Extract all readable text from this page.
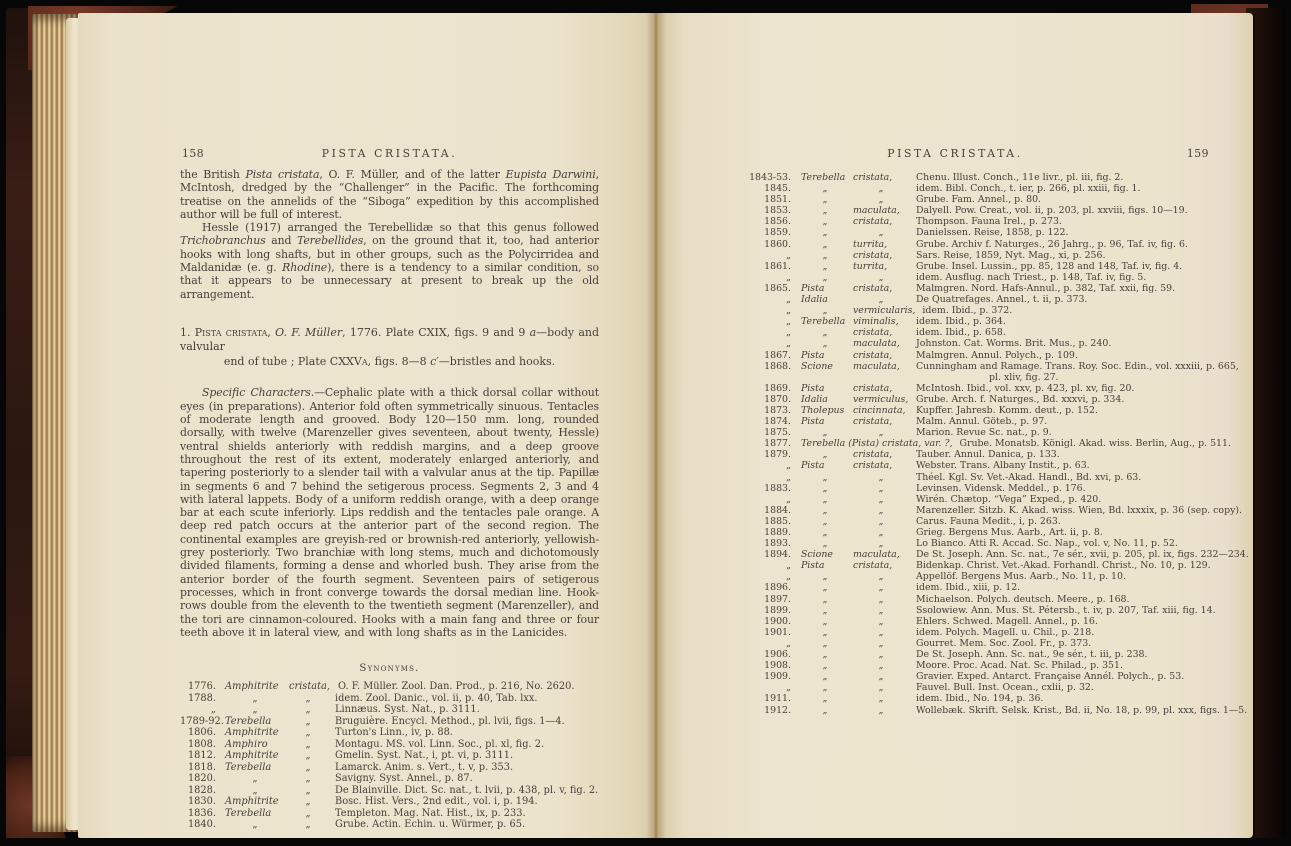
158	PISTA CRISTATA.

the British Pista cristata, O. F. Müller, and of the latter Eupista Darwini, McIntosh, dredged by the “Challenger” in the Pacific. The forthcoming treatise on the annelids of the “Siboga” expedition by this accomplished author will be full of interest.

Hessle (1917) arranged the Terebellidæ so that this genus followed Trichobranchus and Terebellides, on the ground that it, too, had anterior hooks with long shafts, but in other groups, such as the Polycirridea and Maldanidæ (e. g. Rhodine), there is a tendency to a similar condition, so that it appears to be unnecessary at present to break up the old arrangement.

1. Pista cristata, O. F. Müller, 1776. Plate CXIX, figs. 9 and 9 a—body and valvular
end of tube ; Plate CXXVa, figs. 8—8 c′—bristles and hooks.

Specific Characters.—Cephalic plate with a thick dorsal collar without eyes (in preparations). Anterior fold often symmetrically sinuous. Tentacles of moderate length and grooved. Body 120—150 mm. long, rounded dorsally, with twelve (Marenzeller gives seventeen, about twenty, Hessle) ventral shields anteriorly with reddish margins, and a deep groove throughout the rest of its extent, moderately enlarged anteriorly, and tapering posteriorly to a slender tail with a valvular anus at the tip. Papillæ in segments 6 and 7 behind the setigerous process. Segments 2, 3 and 4 with lateral lappets. Body of a uniform reddish orange, with a deep orange bar at each scute inferiorly. Lips reddish and the tentacles pale orange. A deep red patch occurs at the anterior part of the second region. The continental examples are greyish-red or brownish-red anteriorly, yellowish-grey posteriorly. Two branchiæ with long stems, much and dichotomously divided filaments, forming a dense and whorled bush. They arise from the anterior border of the fourth segment. Seventeen pairs of setigerous processes, which in front converge towards the dorsal median line. Hook-rows double from the eleventh to the twentieth segment (Marenzeller), and the tori are cinnamon-coloured. Hooks with a main fang and three or four teeth above it in lateral view, and with long shafts as in the Lanicides.

Synonyms.
1776. Amphitrite	cristata, O. F. Müller. Zool. Dan. Prod., p. 216, No. 2620.
1788.	„	„	idem. Zool. Danic., vol. ii, p. 40, Tab. lxx.
„	„	„	Linnæus. Syst. Nat., p. 3111.
1789-92. Terebella	„	Bruguière. Encycl. Method., pl. lvii, figs. 1—4.
1806. Amphitrite	„	Turton's Linn., iv, p. 88.
1808. Amphiro	„	Montagu. MS. vol. Linn. Soc., pl. xl, fig. 2.
1812. Amphitrite	„	Gmelin. Syst. Nat., i, pt. vi, p. 3111.
1818. Terebella	„	Lamarck. Anim. s. Vert., t. v, p. 353.
1820.	„	„	Savigny. Syst. Annel., p. 87.
1828.	„	„	De Blainville. Dict. Sc. nat., t. lvii, p. 438, pl. v, fig. 2.
1830. Amphitrite	„	Bosc. Hist. Vers., 2nd edit., vol. i, p. 194.
1836. Terebella	„	Templeton. Mag. Nat. Hist., ix, p. 233.
1840.	„	„	Grube. Actin. Echin. u. Würmer, p. 65.
PISTA CRISTATA.	159
1843-53.	Terebella cristata,	Chenu. Illust. Conch., 11e livr., pl. iii, fig. 2.
1845.	„	„	idem. Bibl. Conch., t. ier, p. 266, pl. xxiii, fig. 1.
1851.	„	„	Grube. Fam. Annel., p. 80.
1853.	„	maculata,	Dalyell. Pow. Creat., vol. ii, p. 203, pl. xxviii, figs. 10—19.
1856.	„	cristata,	Thompson. Fauna Irel., p. 273.
1859.	„	„	Danielssen. Reise, 1858, p. 122.
1860.	„	turrita,	Grube. Archiv f. Naturges., 26 Jahrg., p. 96, Taf. iv, fig. 6.
„	„	cristata,	Sars. Reise, 1859, Nyt. Mag., xi, p. 256.
1861.	„	turrita,	Grube. Insel. Lussin., pp. 85, 128 and 148, Taf. iv, fig. 4.
„	„	„	idem. Ausflug. nach Triest., p. 148, Taf. iv, fig. 5.
1865.	Pista	cristata,	Malmgren. Nord. Hafs-Annul., p. 382, Taf. xxii, fig. 59.
„	Idalia	„	De Quatrefages. Annel., t. ii, p. 373.
„	„	vermicularis, idem. Ibid., p. 372.
„	Terebella viminalis,	idem. Ibid., p. 364.
„	„	cristata,	idem. Ibid., p. 658.
„	„	maculata,	Johnston. Cat. Worms. Brit. Mus., p. 240.
1867.	Pista	cristata,	Malmgren. Annul. Polych., p. 109.
1868.	Scione	maculata,	Cunningham and Ramage. Trans. Roy. Soc. Edin., vol. xxxiii, p. 665,
pl. xliv, fig. 27.
1869.	Pista	cristata,	McIntosh. Ibid., vol. xxv, p. 423, pl. xv, fig. 20.
1870.	Idalia	vermiculus, Grube. Arch. f. Naturges., Bd. xxxvi, p. 334.
1873.	Tholepus cincinnata,	Kupffer. Jahresb. Komm. deut., p. 152.
1874.	Pista	cristata,	Malm. Annul. Göteb., p. 97.
1875.	„	„	Marion. Revue Sc. nat., p. 9.
1877.	Terebella (Pista) cristata, var. ?, Grube. Monatsb. Königl. Akad. wiss. Berlin, Aug., p. 511.
1879.	„	cristata,	Tauber. Annul. Danica, p. 133.
„	Pista	cristata,	Webster. Trans. Albany Instit., p. 63.
„	„	„	Théel. Kgl. Sv. Vet.-Akad. Handl., Bd. xvi, p. 63.
1883.	„	„	Levinsen. Vidensk. Meddel., p. 176.
„	„	„	Wirén. Chætop. “Vega” Exped., p. 420.
1884.	„	„	Marenzeller. Sitzb. K. Akad. wiss. Wien, Bd. lxxxix, p. 36 (sep. copy).
1885.	„	„	Carus. Fauna Medit., i, p. 263.
1889.	„	„	Grieg. Bergens Mus. Aarb., Art. ii, p. 8.
1893.	„	„	Lo Bianco. Atti R. Accad. Sc. Nap., vol. v, No. 11, p. 52.
1894.	Scione	maculata,	De St. Joseph. Ann. Sc. nat., 7e sér., xvii, p. 205, pl. ix, figs. 232—234.
„	Pista	cristata,	Bidenkap. Christ. Vet.-Akad. Forhandl. Christ., No. 10, p. 129.
„	„	„	Appellöf. Bergens Mus. Aarb., No. 11, p. 10.
1896.	„	„	idem. Ibid., xiii, p. 12.
1897.	„	„	Michaelson. Polych. deutsch. Meere., p. 168.
1899.	„	„	Ssolowiew. Ann. Mus. St. Pétersb., t. iv, p. 207, Taf. xiii, fig. 14.
1900.	„	„	Ehlers. Schwed. Magell. Annel., p. 16.
1901.	„	„	idem. Polych. Magell. u. Chil., p. 218.
„	„	„	Gourret. Mem. Soc. Zool. Fr., p. 373.
1906.	„	„	De St. Joseph. Ann. Sc. nat., 9e sér., t. iii, p. 238.
1908.	„	„	Moore. Proc. Acad. Nat. Sc. Philad., p. 351.
1909.	„	„	Gravier. Exped. Antarct. Française Annél. Polych., p. 53.
„	„	„	Fauvel. Bull. Inst. Ocean., cxlii, p. 32.
1911.	„	„	idem. Ibid., No. 194, p. 36.
1912.	„	„	Wollebæk. Skrift. Selsk. Krist., Bd. ii, No. 18, p. 99, pl. xxx, figs. 1—5.
